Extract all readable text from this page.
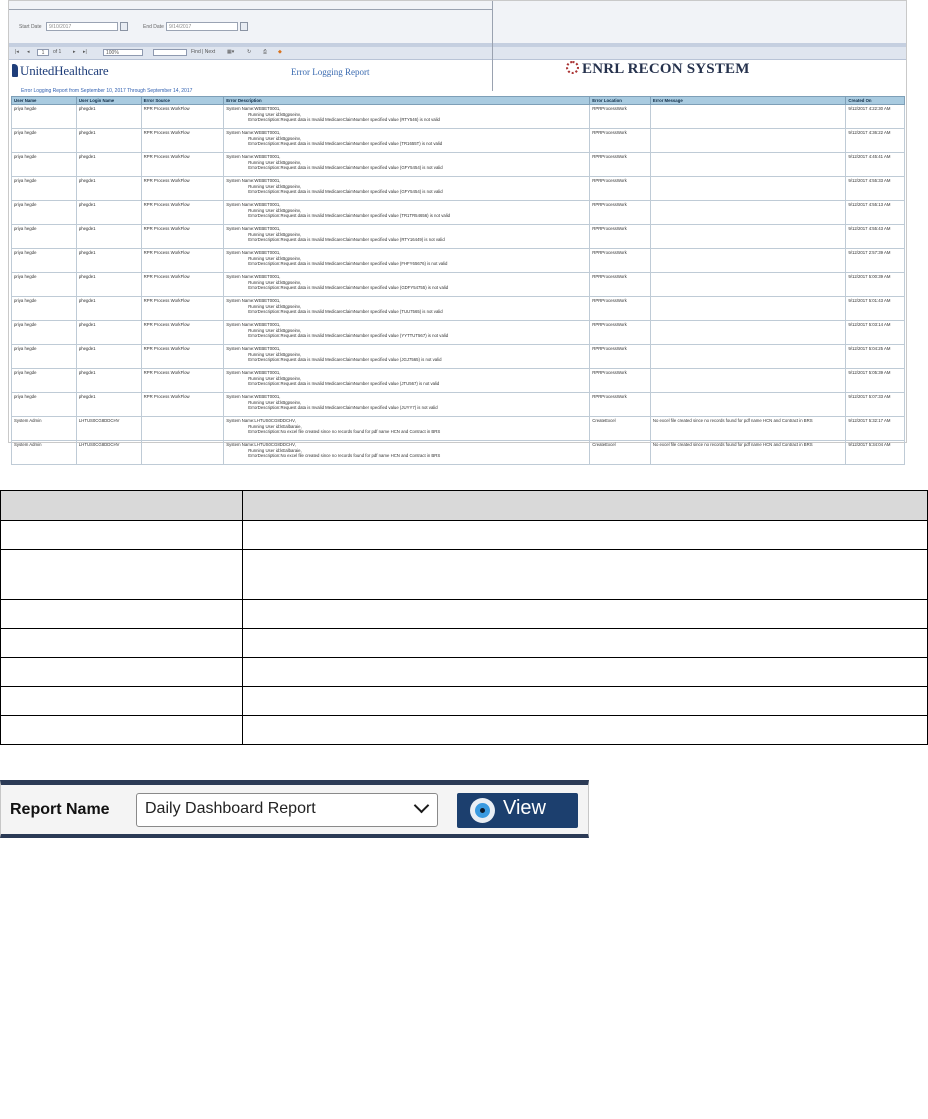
Start Date	9/10/2017	End Date	9/14/2017
|◂ ◂	1	of 1 ▸ ▸|	100%	Find | Next ▦▾	↻ ⎙ ◆
UnitedHealthcare	Error Logging Report	ENRL RECON SYSTEM
Error Logging Report from September 10, 2017 Through September 14, 2017
User Name	User Login Name	Error Source	Error Description	Error Location	Error Message	Created On
priya hegde	phegde1	RPR Process WorkFlow	System Name:WEBET0001,
Running User id:kBgpseinv,
ErrorDescription:Request data is Invalid MedicareClaimNumber specified value (RTY546) is not valid	RPRProcessWork		9/12/2017 4:22:30 AM
priya hegde	phegde1	RPR Process WorkFlow	System Name:WEBET0001,
Running User id:kBgpseinv,
ErrorDescription:Request data is Invalid MedicareClaimNumber specified value (TR1655T) is not valid	RPRProcessWork		9/12/2017 4:36:22 AM
priya hegde	phegde1	RPR Process WorkFlow	System Name:WEBET0001,
Running User id:kBgpseinv,
ErrorDescription:Request data is Invalid MedicareClaimNumber specified value (GFY5454) is not valid	RPRProcessWork		9/12/2017 4:45:41 AM
priya hegde	phegde1	RPR Process WorkFlow	System Name:WEBET0001,
Running User id:kBgpseinv,
ErrorDescription:Request data is Invalid MedicareClaimNumber specified value (GFY5454) is not valid	RPRProcessWork		9/12/2017 4:55:33 AM
priya hegde	phegde1	RPR Process WorkFlow	System Name:WEBET0001,
Running User id:kBgpseinv,
ErrorDescription:Request data is Invalid MedicareClaimNumber specified value (TR1TR54656) is not valid	RPRProcessWork		9/12/2017 4:55:13 AM
priya hegde	phegde1	RPR Process WorkFlow	System Name:WEBET0001,
Running User id:kBgpseinv,
ErrorDescription:Request data is Invalid MedicareClaimNumber specified value (RTY16449) is not valid	RPRProcessWork		9/12/2017 4:55:43 AM
priya hegde	phegde1	RPR Process WorkFlow	System Name:WEBET0001,
Running User id:kBgpseinv,
ErrorDescription:Request data is Invalid MedicareClaimNumber specified value (FHFY65676) is not valid	RPRProcessWork		9/12/2017 2:57:39 AM
priya hegde	phegde1	RPR Process WorkFlow	System Name:WEBET0001,
Running User id:kBgpseinv,
ErrorDescription:Request data is Invalid MedicareClaimNumber specified value (GDFY54755) is not valid	RPRProcessWork		9/12/2017 5:00:39 AM
priya hegde	phegde1	RPR Process WorkFlow	System Name:WEBET0001,
Running User id:kBgpseinv,
ErrorDescription:Request data is Invalid MedicareClaimNumber specified value (TUU7565) is not valid	RPRProcessWork		9/12/2017 5:01:43 AM
priya hegde	phegde1	RPR Process WorkFlow	System Name:WEBET0001,
Running User id:kBgpseinv,
ErrorDescription:Request data is Invalid MedicareClaimNumber specified value (YYTTUT567) is not valid	RPRProcessWork		9/12/2017 5:03:14 AM
priya hegde	phegde1	RPR Process WorkFlow	System Name:WEBET0001,
Running User id:kBgpseinv,
ErrorDescription:Request data is Invalid MedicareClaimNumber specified value (JGJ7565) is not valid	RPRProcessWork		9/12/2017 5:04:25 AM
priya hegde	phegde1	RPR Process WorkFlow	System Name:WEBET0001,
Running User id:kBgpseinv,
ErrorDescription:Request data is Invalid MedicareClaimNumber specified value (JTU567) is not valid	RPRProcessWork		9/12/2017 5:05:39 AM
priya hegde	phegde1	RPR Process WorkFlow	System Name:WEBET0001,
Running User id:kBgpseinv,
ErrorDescription:Request data is Invalid MedicareClaimNumber specified value (JUYY7) is not valid	RPRProcessWork		9/12/2017 5:07:33 AM
System Admin	LHTUS0CG8DDCHV		System Name:LHTUS0CG8DDCHV,
Running User id:kEalbaraie,
ErrorDescription:No excel file created since no records found for pdf name HCN and Contract in BRS	CreateExcel	No excel file created since no records found for pdf name HCN and Contract in BRS	9/12/2017 5:32:17 AM
System Admin	LHTUS0CG8DDCHV		System Name:LHTUS0CG8DDCHV,
Running User id:kEalbaraie,
ErrorDescription:No excel file created since no records found for pdf name HCN and Contract in BRS	CreateExcel	No excel file created since no records found for pdf name HCN and Contract in BRS	9/12/2017 5:34:04 AM

Report Name	Daily Dashboard Report	View
